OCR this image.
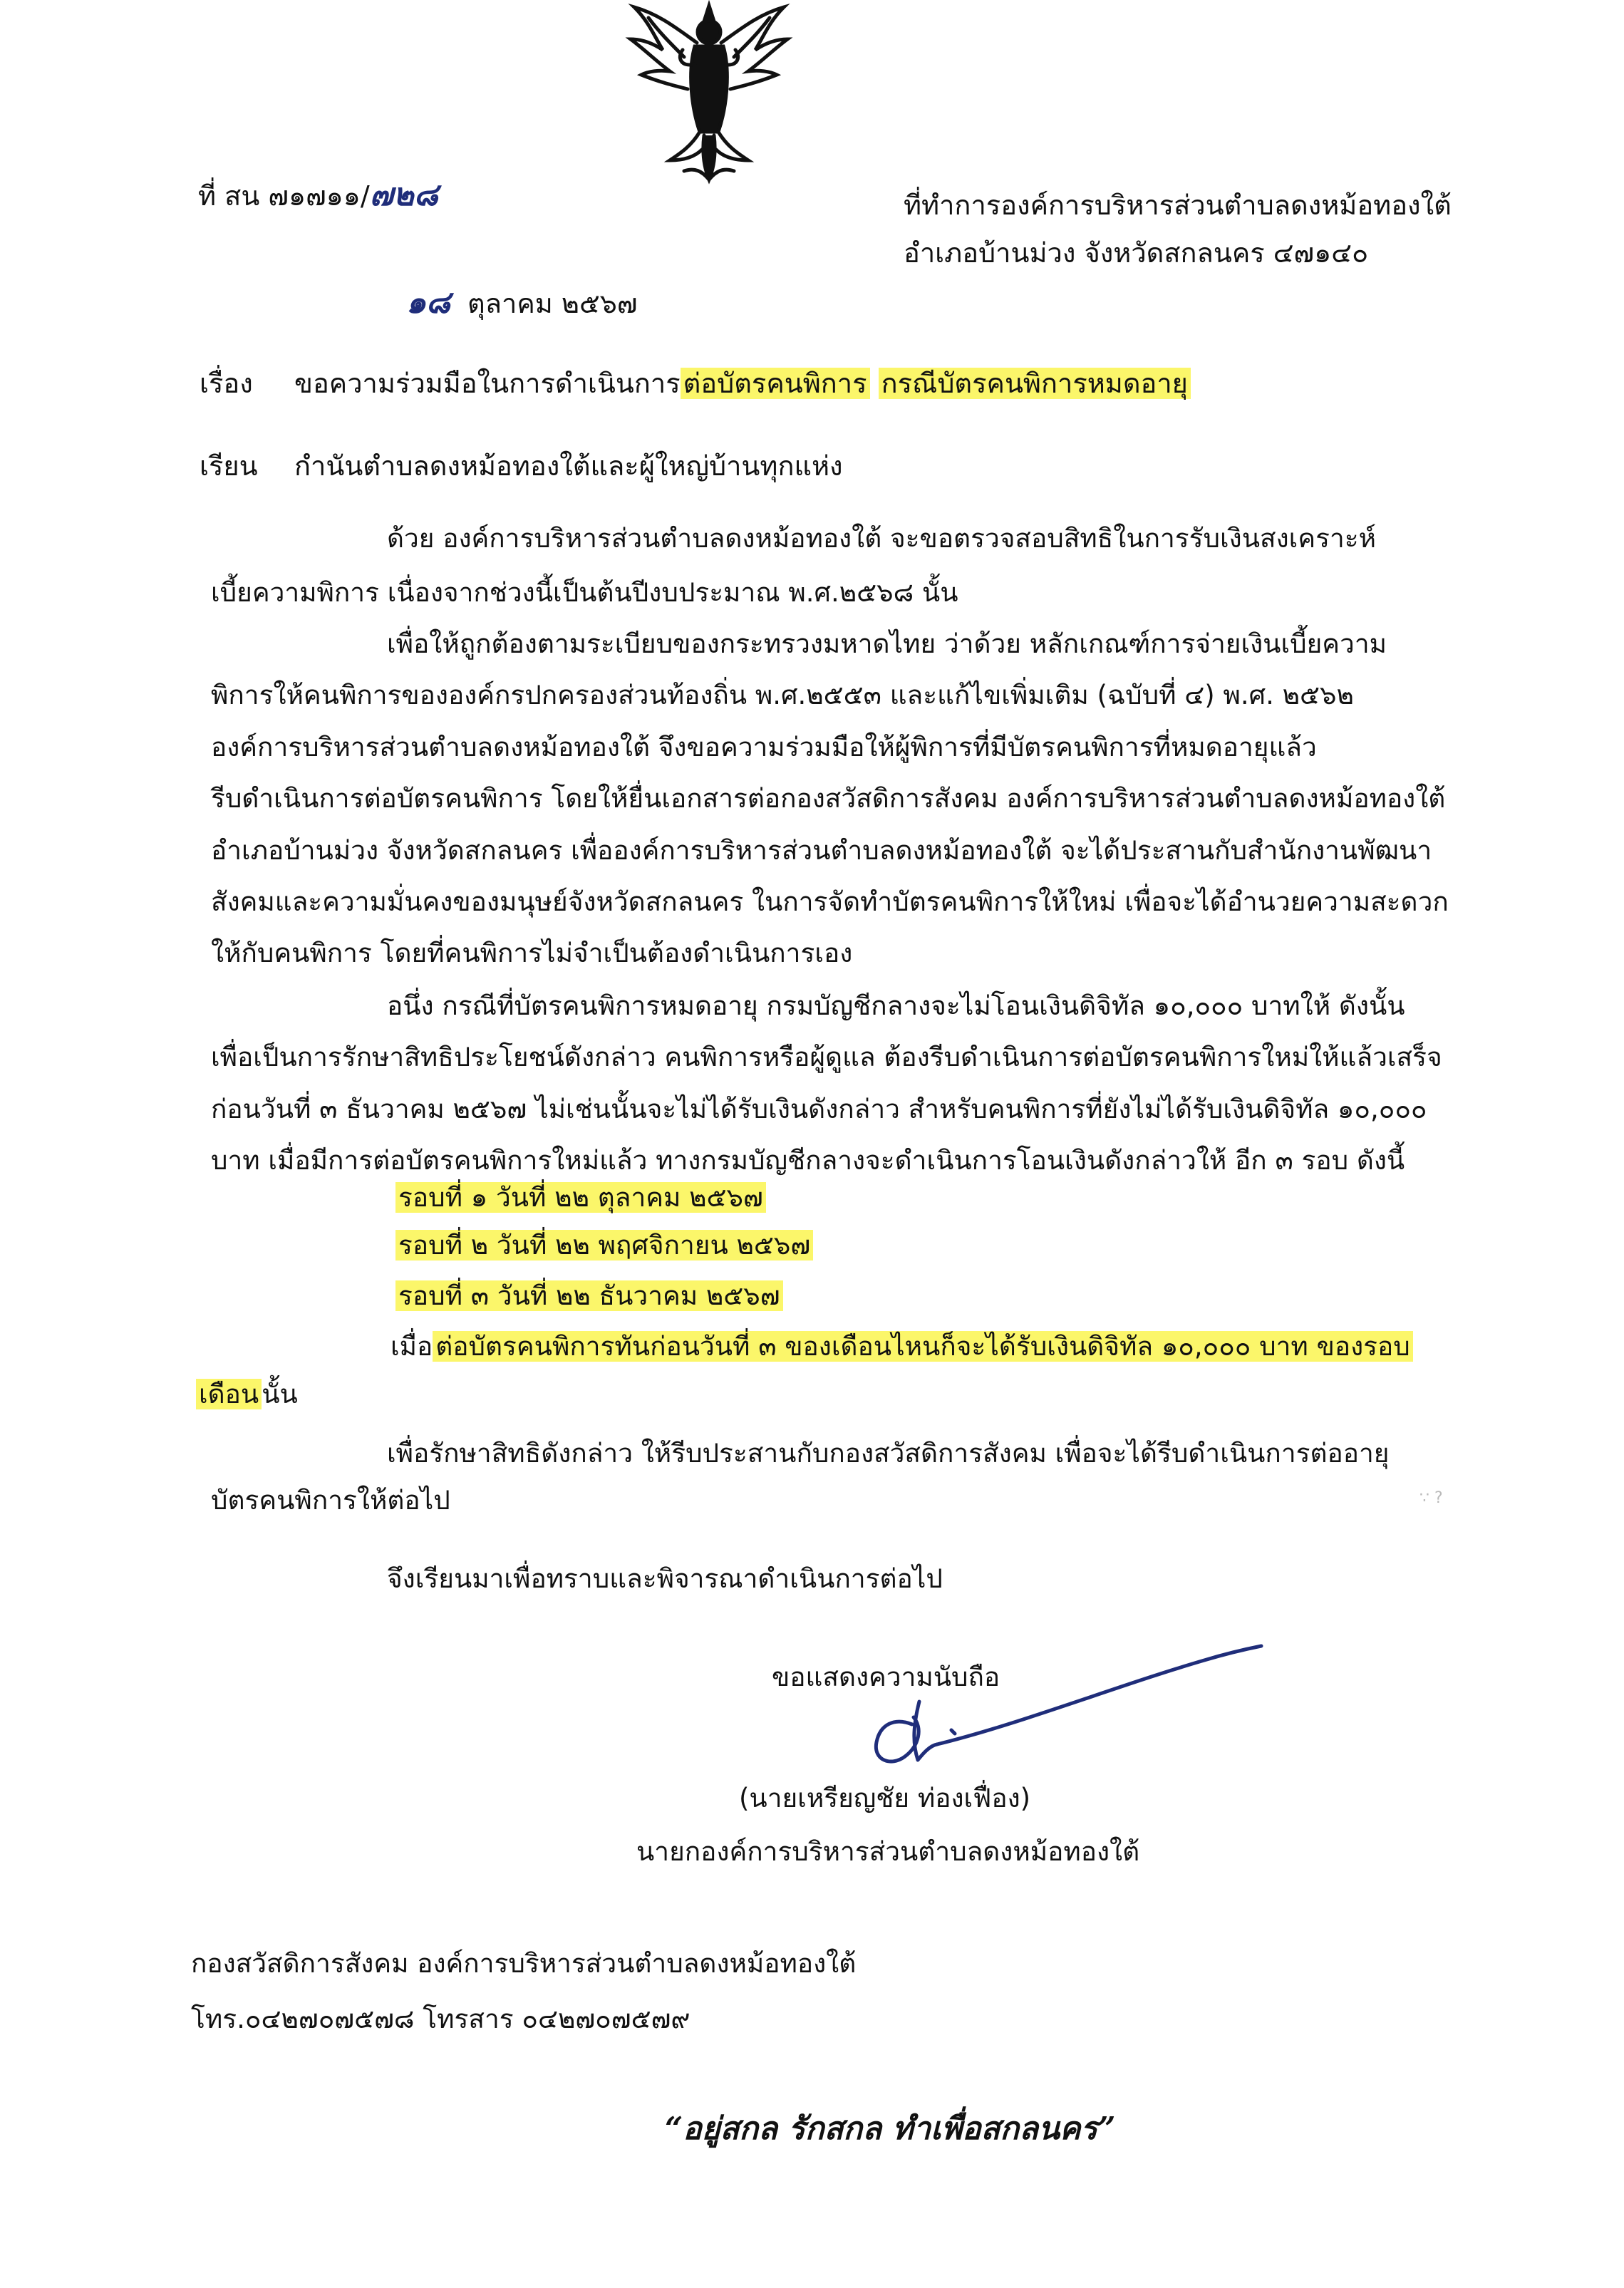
ที่ สน ๗๑๗๑๑/๗๒๘	ที่ทำการองค์การบริหารส่วนตำบลดงหม้อทองใต้
อำเภอบ้านม่วง จังหวัดสกลนคร ๔๗๑๔๐
๑๘ ตุลาคม ๒๕๖๗
เรื่อง ขอความร่วมมือในการดำเนินการ ต่อบัตรคนพิการ กรณีบัตรคนพิการหมดอายุ
เรียน กำนันตำบลดงหม้อทองใต้และผู้ใหญ่บ้านทุกแห่ง
ด้วย องค์การบริหารส่วนตำบลดงหม้อทองใต้ จะขอตรวจสอบสิทธิในการรับเงินสงเคราะห์
เบี้ยความพิการ เนื่องจากช่วงนี้เป็นต้นปีงบประมาณ พ.ศ.๒๕๖๘ นั้น
เพื่อให้ถูกต้องตามระเบียบของกระทรวงมหาดไทย ว่าด้วย หลักเกณฑ์การจ่ายเงินเบี้ยความ
พิการให้คนพิการขององค์กรปกครองส่วนท้องถิ่น พ.ศ.๒๕๕๓ และแก้ไขเพิ่มเติม (ฉบับที่ ๔) พ.ศ. ๒๕๖๒
องค์การบริหารส่วนตำบลดงหม้อทองใต้ จึงขอความร่วมมือให้ผู้พิการที่มีบัตรคนพิการที่หมดอายุแล้ว
รีบดำเนินการต่อบัตรคนพิการ โดยให้ยื่นเอกสารต่อกองสวัสดิการสังคม องค์การบริหารส่วนตำบลดงหม้อทองใต้
อำเภอบ้านม่วง จังหวัดสกลนคร เพื่อองค์การบริหารส่วนตำบลดงหม้อทองใต้ จะได้ประสานกับสำนักงานพัฒนา
สังคมและความมั่นคงของมนุษย์จังหวัดสกลนคร ในการจัดทำบัตรคนพิการให้ใหม่ เพื่อจะได้อำนวยความสะดวก
ให้กับคนพิการ โดยที่คนพิการไม่จำเป็นต้องดำเนินการเอง
อนึ่ง กรณีที่บัตรคนพิการหมดอายุ กรมบัญชีกลางจะไม่โอนเงินดิจิทัล ๑๐,๐๐๐ บาทให้ ดังนั้น
เพื่อเป็นการรักษาสิทธิประโยชน์ดังกล่าว คนพิการหรือผู้ดูแล ต้องรีบดำเนินการต่อบัตรคนพิการใหม่ให้แล้วเสร็จ
ก่อนวันที่ ๓ ธันวาคม ๒๕๖๗ ไม่เช่นนั้นจะไม่ได้รับเงินดังกล่าว สำหรับคนพิการที่ยังไม่ได้รับเงินดิจิทัล ๑๐,๐๐๐
บาท เมื่อมีการต่อบัตรคนพิการใหม่แล้ว ทางกรมบัญชีกลางจะดำเนินการโอนเงินดังกล่าวให้ อีก ๓ รอบ ดังนี้
รอบที่ ๑ วันที่ ๒๒ ตุลาคม ๒๕๖๗
รอบที่ ๒ วันที่ ๒๒ พฤศจิกายน ๒๕๖๗
รอบที่ ๓ วันที่ ๒๒ ธันวาคม ๒๕๖๗
เมื่อ ต่อบัตรคนพิการทันก่อนวันที่ ๓ ของเดือนไหนก็จะได้รับเงินดิจิทัล ๑๐,๐๐๐ บาท ของรอบ
เดือน นั้น
เพื่อรักษาสิทธิดังกล่าว ให้รีบประสานกับกองสวัสดิการสังคม เพื่อจะได้รีบดำเนินการต่ออายุ
บัตรคนพิการให้ต่อไป	∵ ?
จึงเรียนมาเพื่อทราบและพิจารณาดำเนินการต่อไป
ขอแสดงความนับถือ
(นายเหรียญชัย ท่องเฟื่อง)
นายกองค์การบริหารส่วนตำบลดงหม้อทองใต้
กองสวัสดิการสังคม องค์การบริหารส่วนตำบลดงหม้อทองใต้
โทร.๐๔๒๗๐๗๕๗๘ โทรสาร ๐๔๒๗๐๗๕๗๙
“อยู่สกล รักสกล ทำเพื่อสกลนคร”
